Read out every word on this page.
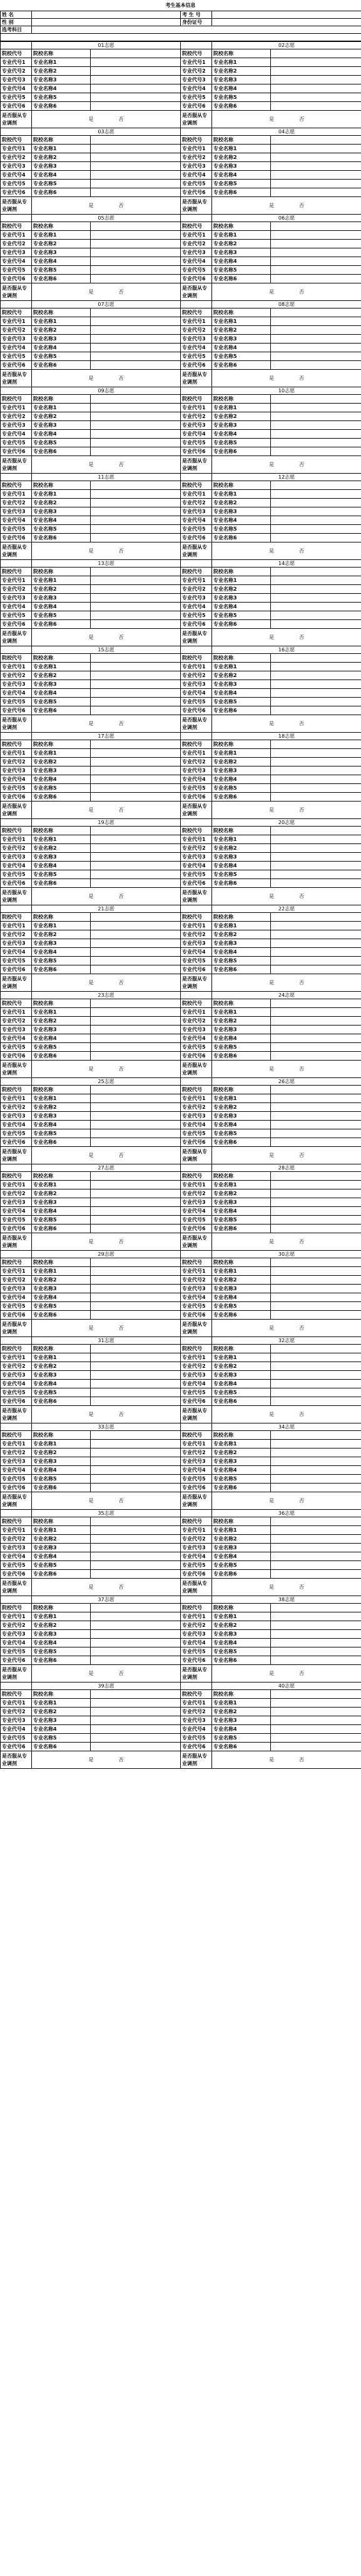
考生基本信息
姓 名		考 生 号	
性 别		身份证号	
选考科目			

	01志愿			02志愿	
院校代号	院校名称		院校代号	院校名称	
专业代号1	专业名称1		专业代号1	专业名称1	
专业代号2	专业名称2		专业代号2	专业名称2	
专业代号3	专业名称3		专业代号3	专业名称3	
专业代号4	专业名称4		专业代号4	专业名称4	
专业代号5	专业名称5		专业代号5	专业名称5	
专业代号6	专业名称6		专业代号6	专业名称6	
是否服从专业调剂	是 否		是否服从专业调剂	是 否	
	03志愿			04志愿	
院校代号	院校名称		院校代号	院校名称	
专业代号1	专业名称1		专业代号1	专业名称1	
专业代号2	专业名称2		专业代号2	专业名称2	
专业代号3	专业名称3		专业代号3	专业名称3	
专业代号4	专业名称4		专业代号4	专业名称4	
专业代号5	专业名称5		专业代号5	专业名称5	
专业代号6	专业名称6		专业代号6	专业名称6	
是否服从专业调剂	是 否		是否服从专业调剂	是 否	
	05志愿			06志愿	
院校代号	院校名称		院校代号	院校名称	
专业代号1	专业名称1		专业代号1	专业名称1	
专业代号2	专业名称2		专业代号2	专业名称2	
专业代号3	专业名称3		专业代号3	专业名称3	
专业代号4	专业名称4		专业代号4	专业名称4	
专业代号5	专业名称5		专业代号5	专业名称5	
专业代号6	专业名称6		专业代号6	专业名称6	
是否服从专业调剂	是 否		是否服从专业调剂	是 否	
	07志愿			08志愿	
院校代号	院校名称		院校代号	院校名称	
专业代号1	专业名称1		专业代号1	专业名称1	
专业代号2	专业名称2		专业代号2	专业名称2	
专业代号3	专业名称3		专业代号3	专业名称3	
专业代号4	专业名称4		专业代号4	专业名称4	
专业代号5	专业名称5		专业代号5	专业名称5	
专业代号6	专业名称6		专业代号6	专业名称6	
是否服从专业调剂	是 否		是否服从专业调剂	是 否	
	09志愿			10志愿	
院校代号	院校名称		院校代号	院校名称	
专业代号1	专业名称1		专业代号1	专业名称1	
专业代号2	专业名称2		专业代号2	专业名称2	
专业代号3	专业名称3		专业代号3	专业名称3	
专业代号4	专业名称4		专业代号4	专业名称4	
专业代号5	专业名称5		专业代号5	专业名称5	
专业代号6	专业名称6		专业代号6	专业名称6	
是否服从专业调剂	是 否		是否服从专业调剂	是 否	
	11志愿			12志愿	
院校代号	院校名称		院校代号	院校名称	
专业代号1	专业名称1		专业代号1	专业名称1	
专业代号2	专业名称2		专业代号2	专业名称2	
专业代号3	专业名称3		专业代号3	专业名称3	
专业代号4	专业名称4		专业代号4	专业名称4	
专业代号5	专业名称5		专业代号5	专业名称5	
专业代号6	专业名称6		专业代号6	专业名称6	
是否服从专业调剂	是 否		是否服从专业调剂	是 否	
	13志愿			14志愿	
院校代号	院校名称		院校代号	院校名称	
专业代号1	专业名称1		专业代号1	专业名称1	
专业代号2	专业名称2		专业代号2	专业名称2	
专业代号3	专业名称3		专业代号3	专业名称3	
专业代号4	专业名称4		专业代号4	专业名称4	
专业代号5	专业名称5		专业代号5	专业名称5	
专业代号6	专业名称6		专业代号6	专业名称6	
是否服从专业调剂	是 否		是否服从专业调剂	是 否	
	15志愿			16志愿	
院校代号	院校名称		院校代号	院校名称	
专业代号1	专业名称1		专业代号1	专业名称1	
专业代号2	专业名称2		专业代号2	专业名称2	
专业代号3	专业名称3		专业代号3	专业名称3	
专业代号4	专业名称4		专业代号4	专业名称4	
专业代号5	专业名称5		专业代号5	专业名称5	
专业代号6	专业名称6		专业代号6	专业名称6	
是否服从专业调剂	是 否		是否服从专业调剂	是 否	
	17志愿			18志愿	
院校代号	院校名称		院校代号	院校名称	
专业代号1	专业名称1		专业代号1	专业名称1	
专业代号2	专业名称2		专业代号2	专业名称2	
专业代号3	专业名称3		专业代号3	专业名称3	
专业代号4	专业名称4		专业代号4	专业名称4	
专业代号5	专业名称5		专业代号5	专业名称5	
专业代号6	专业名称6		专业代号6	专业名称6	
是否服从专业调剂	是 否		是否服从专业调剂	是 否	
	19志愿			20志愿	
院校代号	院校名称		院校代号	院校名称	
专业代号1	专业名称1		专业代号1	专业名称1	
专业代号2	专业名称2		专业代号2	专业名称2	
专业代号3	专业名称3		专业代号3	专业名称3	
专业代号4	专业名称4		专业代号4	专业名称4	
专业代号5	专业名称5		专业代号5	专业名称5	
专业代号6	专业名称6		专业代号6	专业名称6	
是否服从专业调剂	是 否		是否服从专业调剂	是 否	
	21志愿			22志愿	
院校代号	院校名称		院校代号	院校名称	
专业代号1	专业名称1		专业代号1	专业名称1	
专业代号2	专业名称2		专业代号2	专业名称2	
专业代号3	专业名称3		专业代号3	专业名称3	
专业代号4	专业名称4		专业代号4	专业名称4	
专业代号5	专业名称5		专业代号5	专业名称5	
专业代号6	专业名称6		专业代号6	专业名称6	
是否服从专业调剂	是 否		是否服从专业调剂	是 否	
	23志愿			24志愿	
院校代号	院校名称		院校代号	院校名称	
专业代号1	专业名称1		专业代号1	专业名称1	
专业代号2	专业名称2		专业代号2	专业名称2	
专业代号3	专业名称3		专业代号3	专业名称3	
专业代号4	专业名称4		专业代号4	专业名称4	
专业代号5	专业名称5		专业代号5	专业名称5	
专业代号6	专业名称6		专业代号6	专业名称6	
是否服从专业调剂	是 否		是否服从专业调剂	是 否	
	25志愿			26志愿	
院校代号	院校名称		院校代号	院校名称	
专业代号1	专业名称1		专业代号1	专业名称1	
专业代号2	专业名称2		专业代号2	专业名称2	
专业代号3	专业名称3		专业代号3	专业名称3	
专业代号4	专业名称4		专业代号4	专业名称4	
专业代号5	专业名称5		专业代号5	专业名称5	
专业代号6	专业名称6		专业代号6	专业名称6	
是否服从专业调剂	是 否		是否服从专业调剂	是 否	
	27志愿			28志愿	
院校代号	院校名称		院校代号	院校名称	
专业代号1	专业名称1		专业代号1	专业名称1	
专业代号2	专业名称2		专业代号2	专业名称2	
专业代号3	专业名称3		专业代号3	专业名称3	
专业代号4	专业名称4		专业代号4	专业名称4	
专业代号5	专业名称5		专业代号5	专业名称5	
专业代号6	专业名称6		专业代号6	专业名称6	
是否服从专业调剂	是 否		是否服从专业调剂	是 否	
	29志愿			30志愿	
院校代号	院校名称		院校代号	院校名称	
专业代号1	专业名称1		专业代号1	专业名称1	
专业代号2	专业名称2		专业代号2	专业名称2	
专业代号3	专业名称3		专业代号3	专业名称3	
专业代号4	专业名称4		专业代号4	专业名称4	
专业代号5	专业名称5		专业代号5	专业名称5	
专业代号6	专业名称6		专业代号6	专业名称6	
是否服从专业调剂	是 否		是否服从专业调剂	是 否	
	31志愿			32志愿	
院校代号	院校名称		院校代号	院校名称	
专业代号1	专业名称1		专业代号1	专业名称1	
专业代号2	专业名称2		专业代号2	专业名称2	
专业代号3	专业名称3		专业代号3	专业名称3	
专业代号4	专业名称4		专业代号4	专业名称4	
专业代号5	专业名称5		专业代号5	专业名称5	
专业代号6	专业名称6		专业代号6	专业名称6	
是否服从专业调剂	是 否		是否服从专业调剂	是 否	
	33志愿			34志愿	
院校代号	院校名称		院校代号	院校名称	
专业代号1	专业名称1		专业代号1	专业名称1	
专业代号2	专业名称2		专业代号2	专业名称2	
专业代号3	专业名称3		专业代号3	专业名称3	
专业代号4	专业名称4		专业代号4	专业名称4	
专业代号5	专业名称5		专业代号5	专业名称5	
专业代号6	专业名称6		专业代号6	专业名称6	
是否服从专业调剂	是 否		是否服从专业调剂	是 否	
	35志愿			36志愿	
院校代号	院校名称		院校代号	院校名称	
专业代号1	专业名称1		专业代号1	专业名称1	
专业代号2	专业名称2		专业代号2	专业名称2	
专业代号3	专业名称3		专业代号3	专业名称3	
专业代号4	专业名称4		专业代号4	专业名称4	
专业代号5	专业名称5		专业代号5	专业名称5	
专业代号6	专业名称6		专业代号6	专业名称6	
是否服从专业调剂	是 否		是否服从专业调剂	是 否	
	37志愿			38志愿	
院校代号	院校名称		院校代号	院校名称	
专业代号1	专业名称1		专业代号1	专业名称1	
专业代号2	专业名称2		专业代号2	专业名称2	
专业代号3	专业名称3		专业代号3	专业名称3	
专业代号4	专业名称4		专业代号4	专业名称4	
专业代号5	专业名称5		专业代号5	专业名称5	
专业代号6	专业名称6		专业代号6	专业名称6	
是否服从专业调剂	是 否		是否服从专业调剂	是 否	
	39志愿			40志愿	
院校代号	院校名称		院校代号	院校名称	
专业代号1	专业名称1		专业代号1	专业名称1	
专业代号2	专业名称2		专业代号2	专业名称2	
专业代号3	专业名称3		专业代号3	专业名称3	
专业代号4	专业名称4		专业代号4	专业名称4	
专业代号5	专业名称5		专业代号5	专业名称5	
专业代号6	专业名称6		专业代号6	专业名称6	
是否服从专业调剂	是 否		是否服从专业调剂	是 否	
